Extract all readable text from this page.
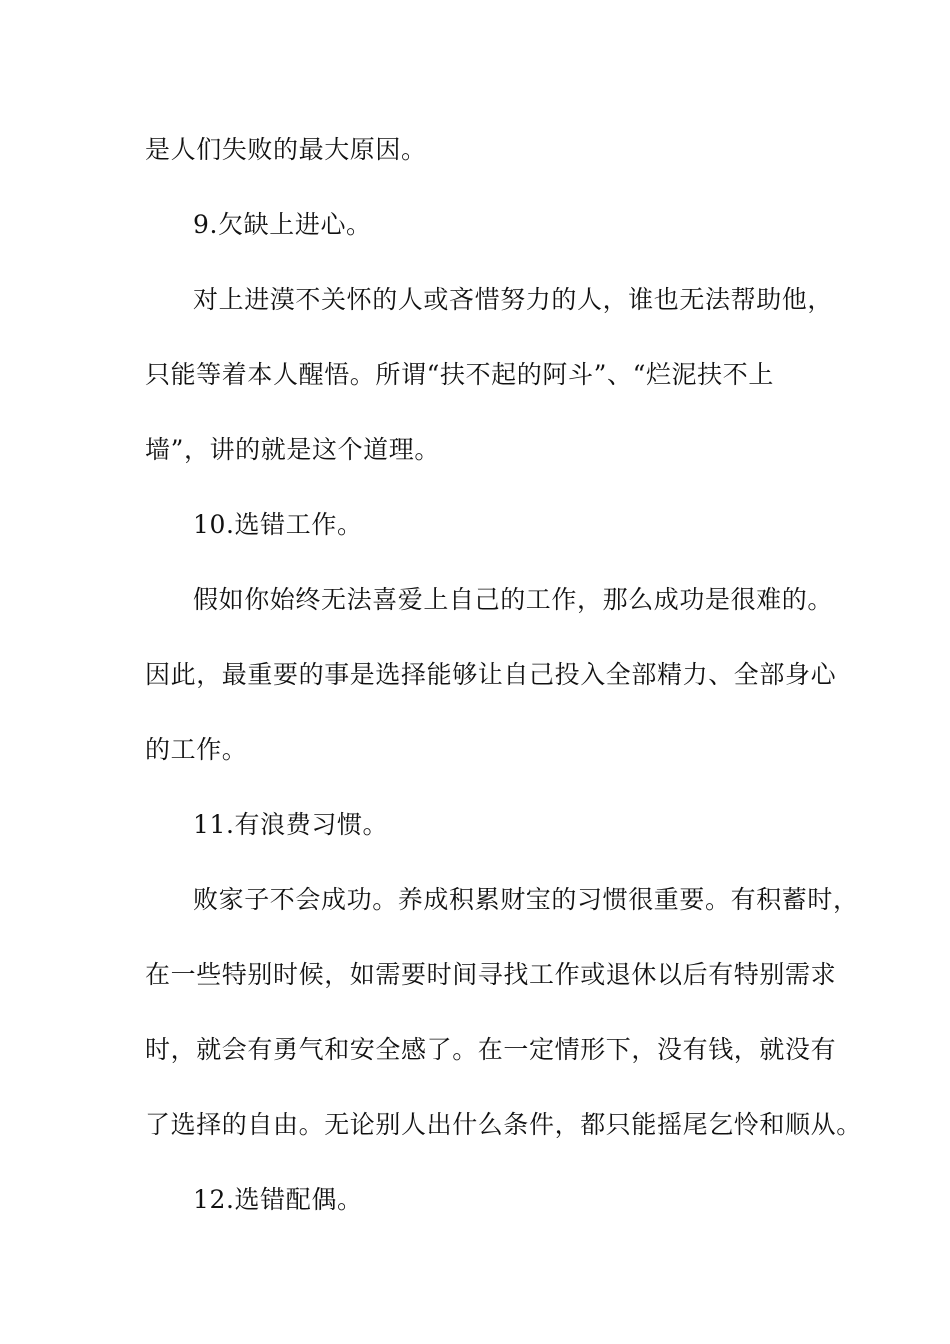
是人们失败的最大原因。
9.欠缺上进心。
对上进漠不关怀的人或吝惜努力的人，谁也无法帮助他，
只能等着本人醒悟。所谓“扶不起的阿斗”、“烂泥扶不上
墙”，讲的就是这个道理。
10.选错工作。
假如你始终无法喜爱上自己的工作，那么成功是很难的。
因此，最重要的事是选择能够让自己投入全部精力、全部身心
的工作。
11.有浪费习惯。
败家子不会成功。养成积累财宝的习惯很重要。有积蓄时，
在一些特别时候，如需要时间寻找工作或退休以后有特别需求
时，就会有勇气和安全感了。在一定情形下，没有钱，就没有
了选择的自由。无论别人出什么条件，都只能摇尾乞怜和顺从。
12.选错配偶。
